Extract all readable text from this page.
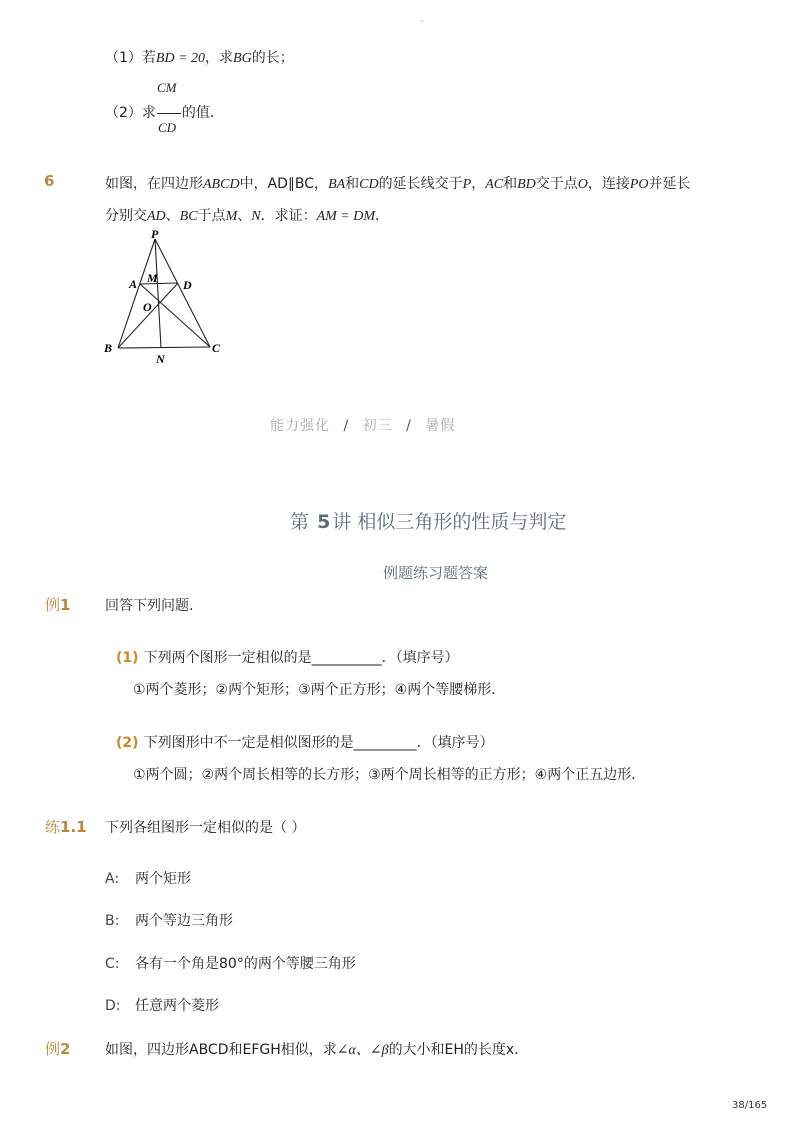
-
（1）若BD = 20，求BG的长；
CM
（2）求 的值．
CD
6	如图，在四边形ABCD中，AD∥BC，BA和CD的延长线交于P，AC和BD交于点O，连接PO并延长
分别交AD、BC于点M、N．求证：AM = DM．
P
A M D
O
B
N
C
能力强化 / 初三 / 暑假
第 5 讲 相似三角形的性质与判定
例题练习题答案
例1 回答下列问题.
(1) 下列两个图形一定相似的是__________．（填序号）
①两个菱形；②两个矩形；③两个正方形；④两个等腰梯形．
(2) 下列图形中不一定是相似图形的是_________．（填序号）
①两个圆；②两个周长相等的长方形；③两个周长相等的正方形；④两个正五边形．
练1.1 下列各组图形一定相似的是（ ）
A: 两个矩形
B: 两个等边三角形
C: 各有一个角是80°的两个等腰三角形
D: 任意两个菱形
例2 如图，四边形ABCD和EFGH相似，求∠α、∠β的大小和EH的长度x．
38/165
